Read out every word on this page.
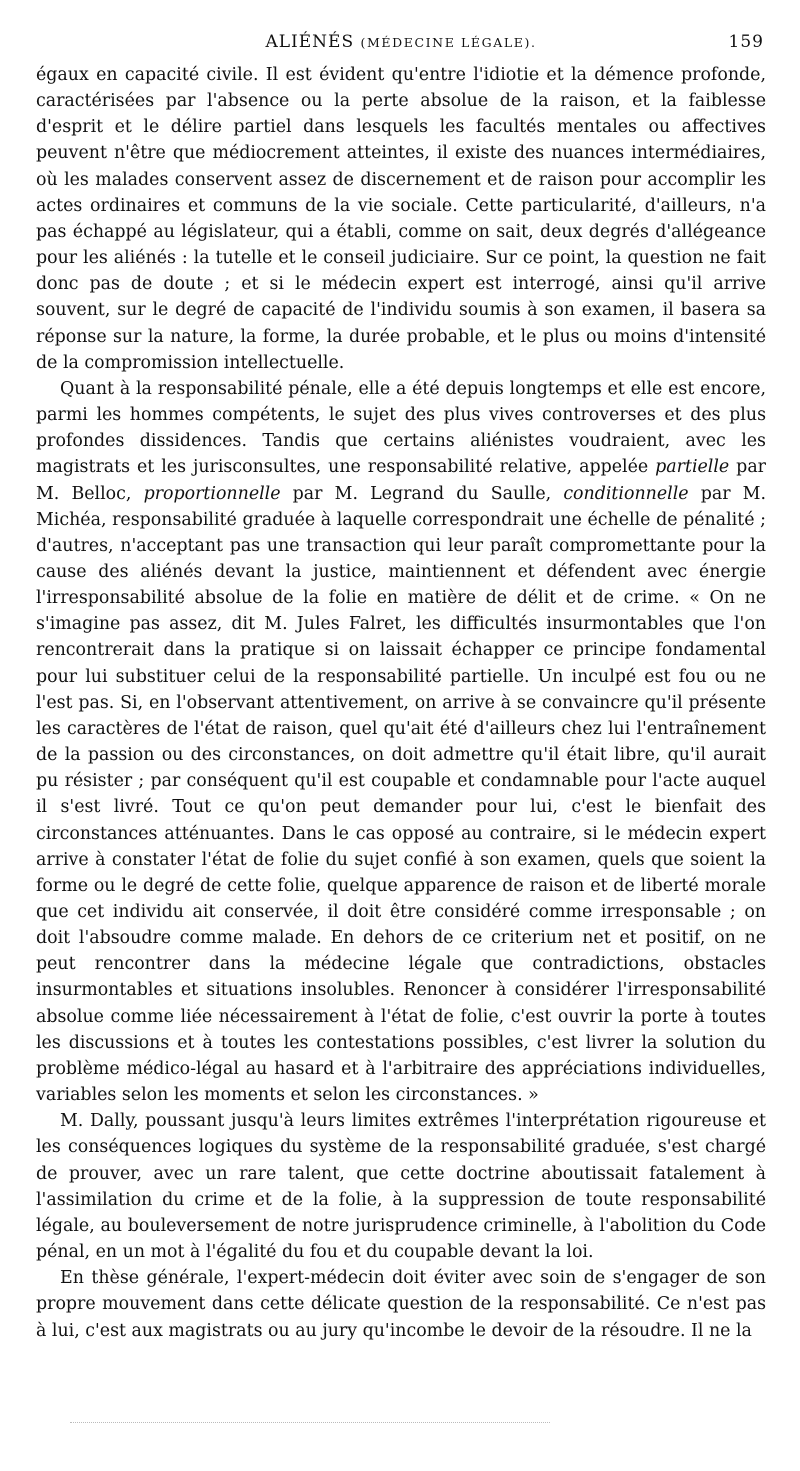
ALIÉNÉS (MÉDECINE LÉGALE).	159

égaux en capacité civile. Il est évident qu'entre l'idiotie et la démence profonde, caractérisées par l'absence ou la perte absolue de la raison, et la faiblesse d'esprit et le délire partiel dans lesquels les facultés mentales ou affectives peuvent n'être que médiocrement atteintes, il existe des nuances intermédiaires, où les malades conservent assez de discernement et de raison pour accomplir les actes ordinaires et communs de la vie sociale. Cette particularité, d'ailleurs, n'a pas échappé au législateur, qui a établi, comme on sait, deux degrés d'allégeance pour les aliénés : la tutelle et le conseil judiciaire. Sur ce point, la question ne fait donc pas de doute ; et si le médecin expert est interrogé, ainsi qu'il arrive souvent, sur le degré de capacité de l'individu soumis à son examen, il basera sa réponse sur la nature, la forme, la durée probable, et le plus ou moins d'intensité de la compromission intellectuelle.

Quant à la responsabilité pénale, elle a été depuis longtemps et elle est encore, parmi les hommes compétents, le sujet des plus vives controverses et des plus profondes dissidences. Tandis que certains aliénistes voudraient, avec les magistrats et les jurisconsultes, une responsabilité relative, appelée partielle par M. Belloc, proportionnelle par M. Legrand du Saulle, conditionnelle par M. Michéa, responsabilité graduée à laquelle correspondrait une échelle de pénalité ; d'autres, n'acceptant pas une transaction qui leur paraît compromettante pour la cause des aliénés devant la justice, maintiennent et défendent avec énergie l'irresponsabilité absolue de la folie en matière de délit et de crime. « On ne s'imagine pas assez, dit M. Jules Falret, les difficultés insurmontables que l'on rencontrerait dans la pratique si on laissait échapper ce principe fondamental pour lui substituer celui de la responsabilité partielle. Un inculpé est fou ou ne l'est pas. Si, en l'observant attentivement, on arrive à se convaincre qu'il présente les caractères de l'état de raison, quel qu'ait été d'ailleurs chez lui l'entraînement de la passion ou des circonstances, on doit admettre qu'il était libre, qu'il aurait pu résister ; par conséquent qu'il est coupable et condamnable pour l'acte auquel il s'est livré. Tout ce qu'on peut demander pour lui, c'est le bienfait des circonstances atténuantes. Dans le cas opposé au contraire, si le médecin expert arrive à constater l'état de folie du sujet confié à son examen, quels que soient la forme ou le degré de cette folie, quelque apparence de raison et de liberté morale que cet individu ait conservée, il doit être considéré comme irresponsable ; on doit l'absoudre comme malade. En dehors de ce criterium net et positif, on ne peut rencontrer dans la médecine légale que contradictions, obstacles insurmontables et situations insolubles. Renoncer à considérer l'irresponsabilité absolue comme liée nécessairement à l'état de folie, c'est ouvrir la porte à toutes les discussions et à toutes les contestations possibles, c'est livrer la solution du problème médico-légal au hasard et à l'arbitraire des appréciations individuelles, variables selon les moments et selon les circonstances. »

M. Dally, poussant jusqu'à leurs limites extrêmes l'interprétation rigoureuse et les conséquences logiques du système de la responsabilité graduée, s'est chargé de prouver, avec un rare talent, que cette doctrine aboutissait fatalement à l'assimilation du crime et de la folie, à la suppression de toute responsabilité légale, au bouleversement de notre jurisprudence criminelle, à l'abolition du Code pénal, en un mot à l'égalité du fou et du coupable devant la loi.

En thèse générale, l'expert-médecin doit éviter avec soin de s'engager de son propre mouvement dans cette délicate question de la responsabilité. Ce n'est pas à lui, c'est aux magistrats ou au jury qu'incombe le devoir de la résoudre. Il ne la
